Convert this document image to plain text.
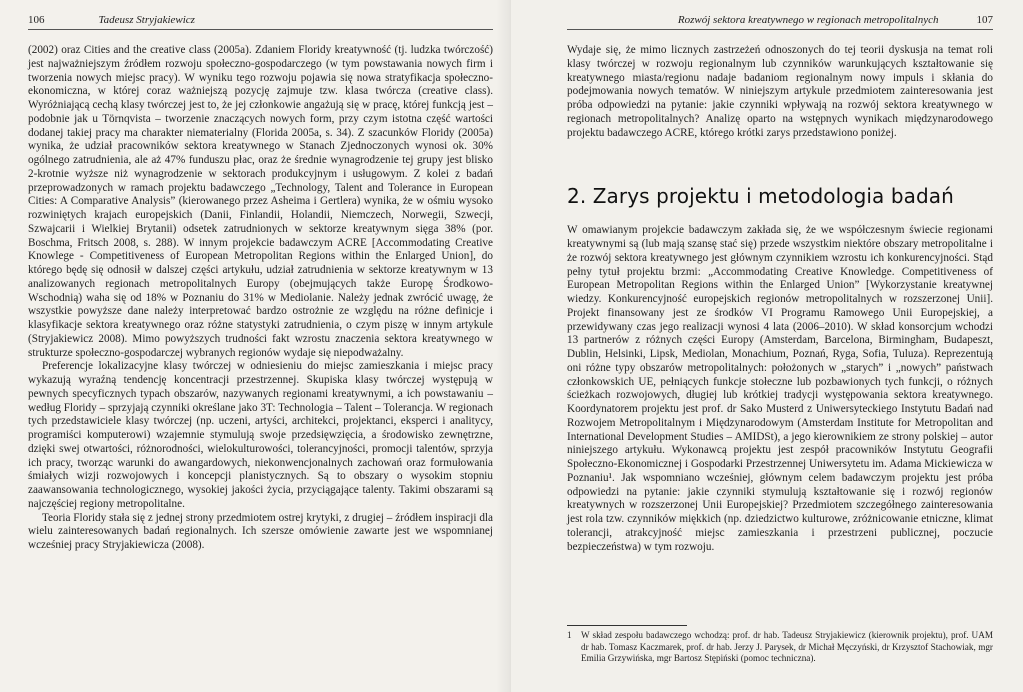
106	Tadeusz Stryjakiewicz

(2002) oraz Cities and the creative class (2005a). Zdaniem Floridy kreatywność (tj. ludzka twórczość) jest najważniejszym źródłem rozwoju społeczno-gospodarczego (w tym powstawania nowych firm i tworzenia nowych miejsc pracy). W wyniku tego rozwoju pojawia się nowa stratyfikacja społeczno-ekonomiczna, w której coraz ważniejszą pozycję zajmuje tzw. klasa twórcza (creative class). Wyróżniającą cechą klasy twórczej jest to, że jej członkowie angażują się w pracę, której funkcją jest – podobnie jak u Törnqvista – tworzenie znaczących nowych form, przy czym istotna część wartości dodanej takiej pracy ma charakter niematerialny (Florida 2005a, s. 34). Z szacunków Floridy (2005a) wynika, że udział pracowników sektora kreatywnego w Stanach Zjednoczonych wynosi ok. 30% ogólnego zatrudnienia, ale aż 47% funduszu płac, oraz że średnie wynagrodzenie tej grupy jest blisko 2-krotnie wyższe niż wynagrodzenie w sektorach produkcyjnym i usługowym. Z kolei z badań przeprowadzonych w ramach projektu badawczego „Technology, Talent and Tolerance in European Cities: A Comparative Analysis” (kierowanego przez Asheima i Gertlera) wynika, że w ośmiu wysoko rozwiniętych krajach europejskich (Danii, Finlandii, Holandii, Niemczech, Norwegii, Szwecji, Szwajcarii i Wielkiej Brytanii) odsetek zatrudnionych w sektorze kreatywnym sięga 38% (por. Boschma, Fritsch 2008, s. 288). W innym projekcie badawczym ACRE [Accommodating Creative Knowlege - Competitiveness of European Metropolitan Regions within the Enlarged Union], do którego będę się odnosił w dalszej części artykułu, udział zatrudnienia w sektorze kreatywnym w 13 analizowanych regionach metropolitalnych Europy (obejmujących także Europę Środkowo-Wschodnią) waha się od 18% w Poznaniu do 31% w Mediolanie. Należy jednak zwrócić uwagę, że wszystkie powyższe dane należy interpretować bardzo ostrożnie ze względu na różne definicje i klasyfikacje sektora kreatywnego oraz różne statystyki zatrudnienia, o czym piszę w innym artykule (Stryjakiewicz 2008). Mimo powyższych trudności fakt wzrostu znaczenia sektora kreatywnego w strukturze społeczno-gospodarczej wybranych regionów wydaje się niepodważalny.

Preferencje lokalizacyjne klasy twórczej w odniesieniu do miejsc zamieszkania i miejsc pracy wykazują wyraźną tendencję koncentracji przestrzennej. Skupiska klasy twórczej występują w pewnych specyficznych typach obszarów, nazywanych regionami kreatywnymi, a ich powstawaniu – według Floridy – sprzyjają czynniki określane jako 3T: Technologia – Talent – Tolerancja. W regionach tych przedstawiciele klasy twórczej (np. uczeni, artyści, architekci, projektanci, eksperci i analitycy, programiści komputerowi) wzajemnie stymulują swoje przedsięwzięcia, a środowisko zewnętrzne, dzięki swej otwartości, różnorodności, wielokulturowości, tolerancyjności, promocji talentów, sprzyja ich pracy, tworząc warunki do awangardowych, niekonwencjonalnych zachowań oraz formułowania śmiałych wizji rozwojowych i koncepcji planistycznych. Są to obszary o wysokim stopniu zaawansowania technologicznego, wysokiej jakości życia, przyciągające talenty. Takimi obszarami są najczęściej regiony metropolitalne.

Teoria Floridy stała się z jednej strony przedmiotem ostrej krytyki, z drugiej – źródłem inspiracji dla wielu zainteresowanych badań regionalnych. Ich szersze omówienie zawarte jest we wspomnianej wcześniej pracy Stryjakiewicza (2008).

Rozwój sektora kreatywnego w regionach metropolitalnych	107

Wydaje się, że mimo licznych zastrzeżeń odnoszonych do tej teorii dyskusja na temat roli klasy twórczej w rozwoju regionalnym lub czynników warunkujących kształtowanie się kreatywnego miasta/regionu nadaje badaniom regionalnym nowy impuls i skłania do podejmowania nowych tematów. W niniejszym artykule przedmiotem zainteresowania jest próba odpowiedzi na pytanie: jakie czynniki wpływają na rozwój sektora kreatywnego w regionach metropolitalnych? Analizę oparto na wstępnych wynikach międzynarodowego projektu badawczego ACRE, którego krótki zarys przedstawiono poniżej.

2. Zarys projektu i metodologia badań

W omawianym projekcie badawczym zakłada się, że we współczesnym świecie regionami kreatywnymi są (lub mają szansę stać się) przede wszystkim niektóre obszary metropolitalne i że rozwój sektora kreatywnego jest głównym czynnikiem wzrostu ich konkurencyjności. Stąd pełny tytuł projektu brzmi: „Accommodating Creative Knowledge. Competitiveness of European Metropolitan Regions within the Enlarged Union” [Wykorzystanie kreatywnej wiedzy. Konkurencyjność europejskich regionów metropolitalnych w rozszerzonej Unii]. Projekt finansowany jest ze środków VI Programu Ramowego Unii Europejskiej, a przewidywany czas jego realizacji wynosi 4 lata (2006–2010). W skład konsorcjum wchodzi 13 partnerów z różnych części Europy (Amsterdam, Barcelona, Birmingham, Budapeszt, Dublin, Helsinki, Lipsk, Mediolan, Monachium, Poznań, Ryga, Sofia, Tuluza). Reprezentują oni różne typy obszarów metropolitalnych: położonych w „starych” i „nowych” państwach członkowskich UE, pełniących funkcje stołeczne lub pozbawionych tych funkcji, o różnych ścieżkach rozwojowych, długiej lub krótkiej tradycji występowania sektora kreatywnego. Koordynatorem projektu jest prof. dr Sako Musterd z Uniwersyteckiego Instytutu Badań nad Rozwojem Metropolitalnym i Międzynarodowym (Amsterdam Institute for Metropolitan and International Development Studies – AMIDSt), a jego kierownikiem ze strony polskiej – autor niniejszego artykułu. Wykonawcą projektu jest zespół pracowników Instytutu Geografii Społeczno-Ekonomicznej i Gospodarki Przestrzennej Uniwersytetu im. Adama Mickiewicza w Poznaniu¹. Jak wspomniano wcześniej, głównym celem badawczym projektu jest próba odpowiedzi na pytanie: jakie czynniki stymulują kształtowanie się i rozwój regionów kreatywnych w rozszerzonej Unii Europejskiej? Przedmiotem szczegółnego zainteresowania jest rola tzw. czynników miękkich (np. dziedzictwo kulturowe, zróżnicowanie etniczne, klimat tolerancji, atrakcyjność miejsc zamieszkania i przestrzeni publicznej, poczucie bezpieczeństwa) w tym rozwoju.

1	W skład zespołu badawczego wchodzą: prof. dr hab. Tadeusz Stryjakiewicz (kierownik projektu), prof. UAM dr hab. Tomasz Kaczmarek, prof. dr hab. Jerzy J. Parysek, dr Michał Męczyński, dr Krzysztof Stachowiak, mgr Emilia Grzywińska, mgr Bartosz Stępiński (pomoc techniczna).
